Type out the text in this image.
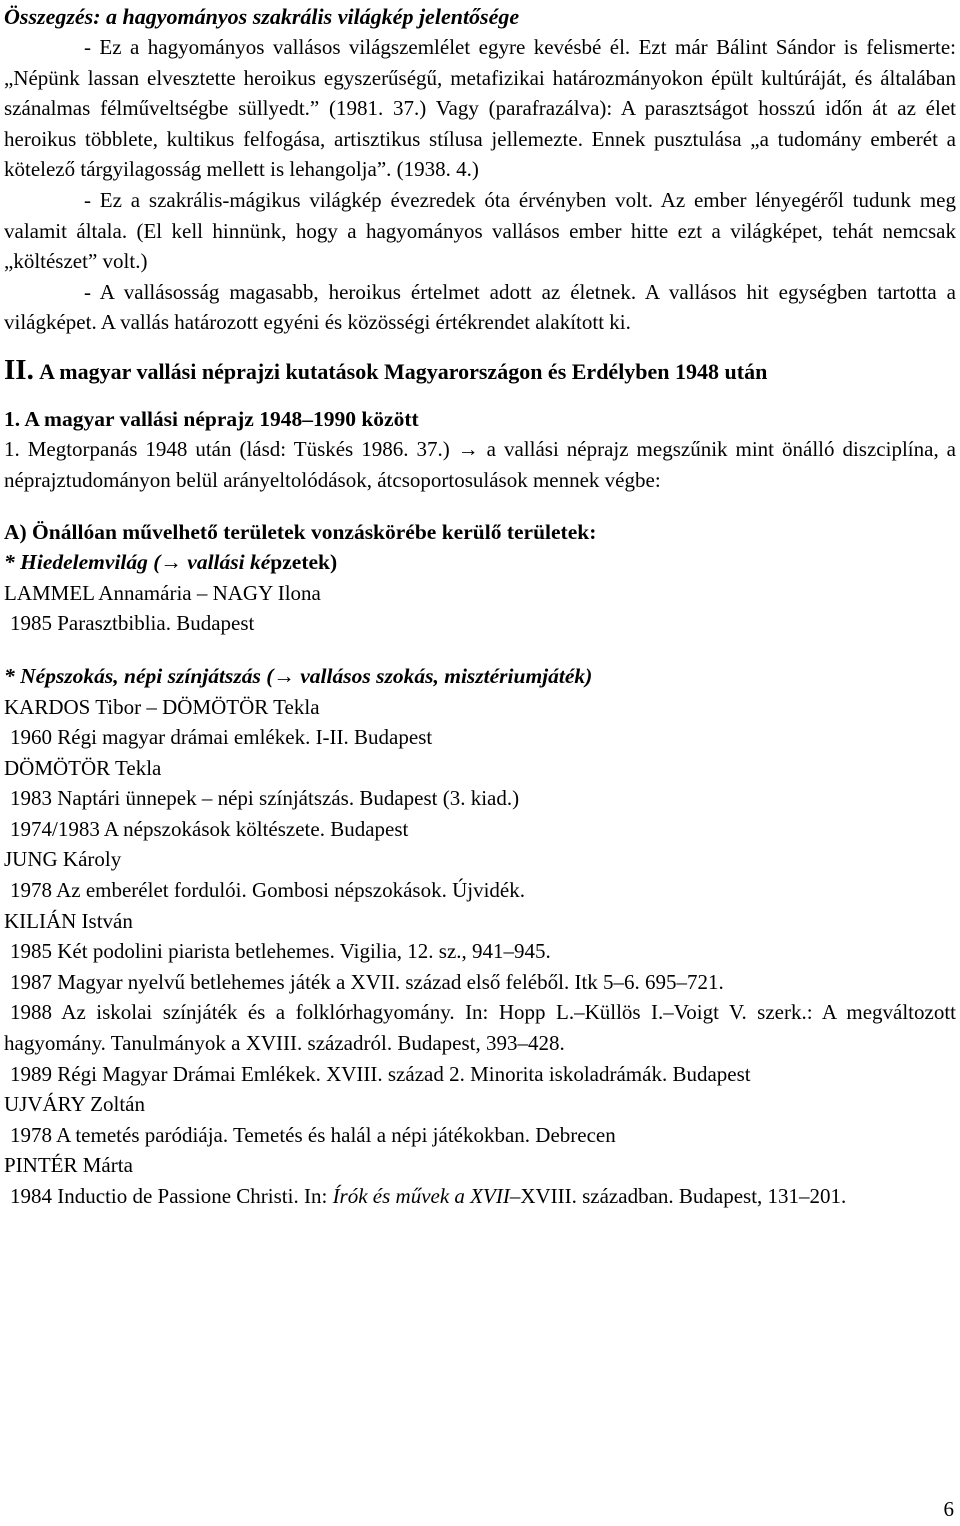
Összegzés: a hagyományos szakrális világkép jelentősége

- Ez a hagyományos vallásos világszemlélet egyre kevésbé él. Ezt már Bálint Sándor is felismerte: „Népünk lassan elvesztette heroikus egyszerűségű, metafizikai határozmányokon épült kultúráját, és általában szánalmas félműveltségbe süllyedt.” (1981. 37.) Vagy (parafrazálva): A parasztságot hosszú időn át az élet heroikus többlete, kultikus felfogása, artisztikus stílusa jellemezte. Ennek pusztulása „a tudomány emberét a kötelező tárgyilagosság mellett is lehangolja”. (1938. 4.)

- Ez a szakrális-mágikus világkép évezredek óta érvényben volt. Az ember lényegéről tudunk meg valamit általa. (El kell hinnünk, hogy a hagyományos vallásos ember hitte ezt a világképet, tehát nemcsak „költészet” volt.)

- A vallásosság magasabb, heroikus értelmet adott az életnek. A vallásos hit egységben tartotta a világképet. A vallás határozott egyéni és közösségi értékrendet alakított ki.

II. A magyar vallási néprajzi kutatások Magyarországon és Erdélyben 1948 után

1. A magyar vallási néprajz 1948–1990 között

1. Megtorpanás 1948 után (lásd: Tüskés 1986. 37.) → a vallási néprajz megszűnik mint önálló diszciplína, a néprajztudományon belül arányeltolódások, átcsoportosulások mennek végbe:

A) Önállóan művelhető területek vonzáskörébe kerülő területek:

* Hiedelemvilág (→ vallási képzetek)

LAMMEL Annamária – NAGY Ilona

1985 Parasztbiblia. Budapest

* Népszokás, népi színjátszás (→ vallásos szokás, misztériumjáték)

KARDOS Tibor – DÖMÖTÖR Tekla

1960 Régi magyar drámai emlékek. I-II. Budapest

DÖMÖTÖR Tekla

1983 Naptári ünnepek – népi színjátszás. Budapest (3. kiad.)

1974/1983 A népszokások költészete. Budapest

JUNG Károly

1978 Az emberélet fordulói. Gombosi népszokások. Újvidék.

KILIÁN István

1985 Két podolini piarista betlehemes. Vigilia, 12. sz., 941–945.

1987 Magyar nyelvű betlehemes játék a XVII. század első feléből. Itk 5–6. 695–721.

1988 Az iskolai színjáték és a folklórhagyomány. In: Hopp L.–Küllös I.–Voigt V. szerk.: A megváltozott hagyomány. Tanulmányok a XVIII. századról. Budapest, 393–428.

1989 Régi Magyar Drámai Emlékek. XVIII. század 2. Minorita iskoladrámák. Budapest

UJVÁRY Zoltán

1978 A temetés paródiája. Temetés és halál a népi játékokban. Debrecen

PINTÉR Márta

1984 Inductio de Passione Christi. In: Írók és művek a XVII–XVIII. században. Budapest, 131–201.

6
